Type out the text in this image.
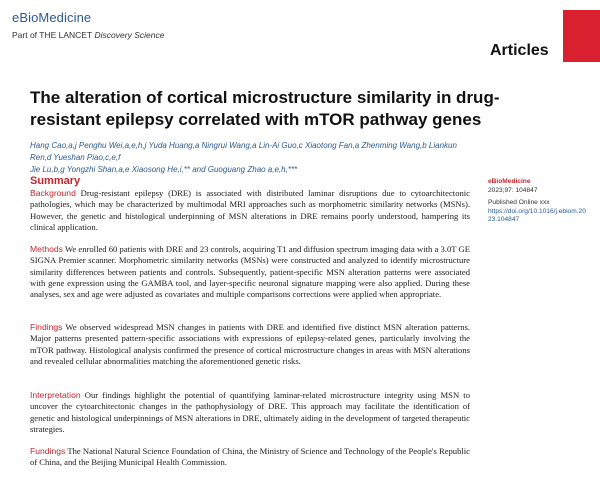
eBioMedicine
Part of THE LANCET Discovery Science
Articles
The alteration of cortical microstructure similarity in drug-resistant epilepsy correlated with mTOR pathway genes
Hang Cao,a,j Penghu Wei,a,e,h,j Yuda Huang,a Ningrui Wang,a Lin-Ai Guo,c Xiaotong Fan,a Zhenming Wang,b Liankun Ren,d Yueshan Piao,c,e,f
Jie Lu,b,g Yongzhi Shan,a,e Xiaosong He,i,** and Guoguang Zhao a,e,h,***
Summary

Background Drug-resistant epilepsy (DRE) is associated with distributed laminar disruptions due to cytoarchitectonic pathologies, which may be characterized by multimodal MRI approaches such as morphometric similarity networks (MSNs). However, the genetic and histological underpinning of MSN alterations in DRE remains poorly understood, hampering its clinical application.

Methods We enrolled 60 patients with DRE and 23 controls, acquiring T1 and diffusion spectrum imaging data with a 3.0T GE SIGNA Premier scanner. Morphometric similarity networks (MSNs) were constructed and analyzed to identify microstructure similarity differences between patients and controls. Subsequently, patient-specific MSN alteration patterns were associated with gene expression using the GAMBA tool, and layer-specific neuronal signature mapping were also applied. During these analyses, sex and age were adjusted as covariates and multiple comparisons corrections were applied when appropriate.

Findings We observed widespread MSN changes in patients with DRE and identified five distinct MSN alteration patterns. Major patterns presented pattern-specific associations with expressions of epilepsy-related genes, particularly involving the mTOR pathway. Histological analysis confirmed the presence of cortical microstructure changes in areas with MSN alterations and revealed cellular abnormalities matching the aforementioned genetic risks.

Interpretation Our findings highlight the potential of quantifying laminar-related microstructure integrity using MSN to uncover the cytoarchitectonic changes in the pathophysiology of DRE. This approach may facilitate the identification of genetic and histological underpinnings of MSN alterations in DRE, ultimately aiding in the development of targeted therapeutic strategies.

Fundings The National Natural Science Foundation of China, the Ministry of Science and Technology of the People's Republic of China, and the Beijing Municipal Health Commission.

eBioMedicine
2023;97: 104847
Published Online xxx
https://doi.org/10.1016/j.ebiom.2023.104847
